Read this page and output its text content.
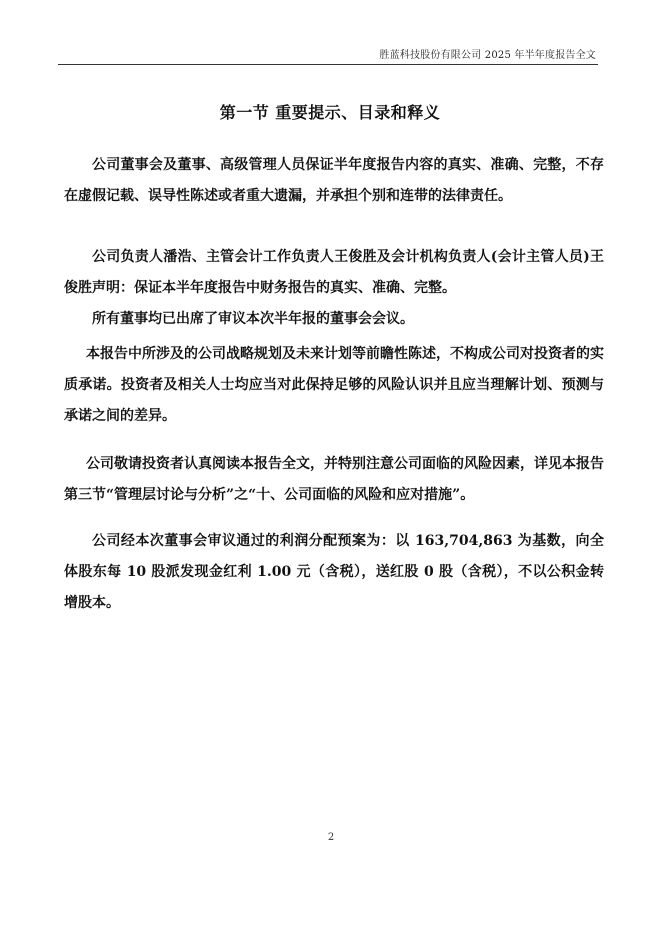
胜蓝科技股份有限公司 2025 年半年度报告全文
第一节 重要提示、目录和释义

公司董事会及董事、高级管理人员保证半年度报告内容的真实、准确、完整，不存在虚假记载、误导性陈述或者重大遗漏，并承担个别和连带的法律责任。

公司负责人潘浩、主管会计工作负责人王俊胜及会计机构负责人(会计主管人员)王俊胜声明：保证本半年度报告中财务报告的真实、准确、完整。

所有董事均已出席了审议本次半年报的董事会会议。

本报告中所涉及的公司战略规划及未来计划等前瞻性陈述，不构成公司对投资者的实质承诺。投资者及相关人士均应当对此保持足够的风险认识并且应当理解计划、预测与承诺之间的差异。

公司敬请投资者认真阅读本报告全文，并特别注意公司面临的风险因素，详见本报告第三节“管理层讨论与分析”之“十、公司面临的风险和应对措施”。

公司经本次董事会审议通过的利润分配预案为：以 163,704,863 为基数，向全体股东每 10 股派发现金红利 1.00 元（含税），送红股 0 股（含税），不以公积金转增股本。

2
